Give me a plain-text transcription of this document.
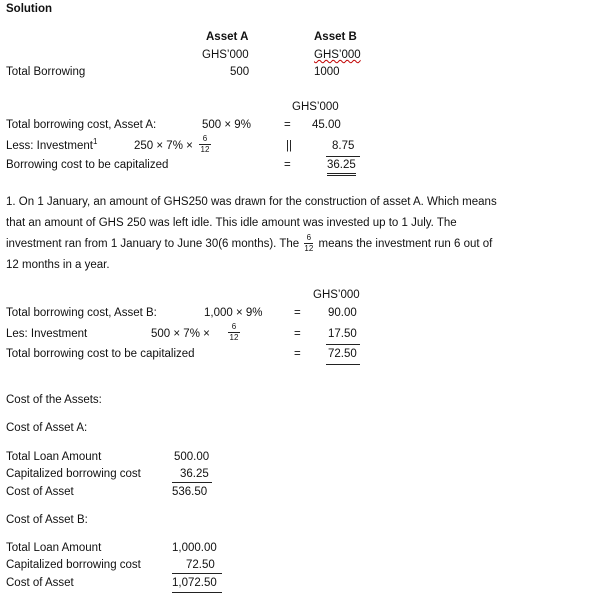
Solution
Asset A	Asset B
GHS’000	GHS’000
Total Borrowing	500	1000
GHS’000
Total borrowing cost, Asset A:	500 × 9%	= 45.00
Less: Investment$^1$	$250 \times 7\% \times \frac{6}{12}$	||	8.75
Borrowing cost to be capitalized	=	36.25
1. On 1 January, an amount of GHS250 was drawn for the construction of asset A. Which means
that an amount of GHS 250 was left idle. This idle amount was invested up to 1 July. The
investment ran from 1 January to June 30(6 months). The $\frac{6}{12}$ means the investment run 6 out of
12 months in a year.
GHS’000
Total borrowing cost, Asset B:	1,000 × 9%	= 90.00
Les: Investment	$500 \times 7\% \times \frac{6}{12}$	= 17.50
Total borrowing cost to be capitalized	= 72.50
Cost of the Assets:
Cost of Asset A:
Total Loan Amount	500.00
Capitalized borrowing cost	36.25
Cost of Asset	536.50
Cost of Asset B:
Total Loan Amount	1,000.00
Capitalized borrowing cost	72.50
Cost of Asset	1,072.50
